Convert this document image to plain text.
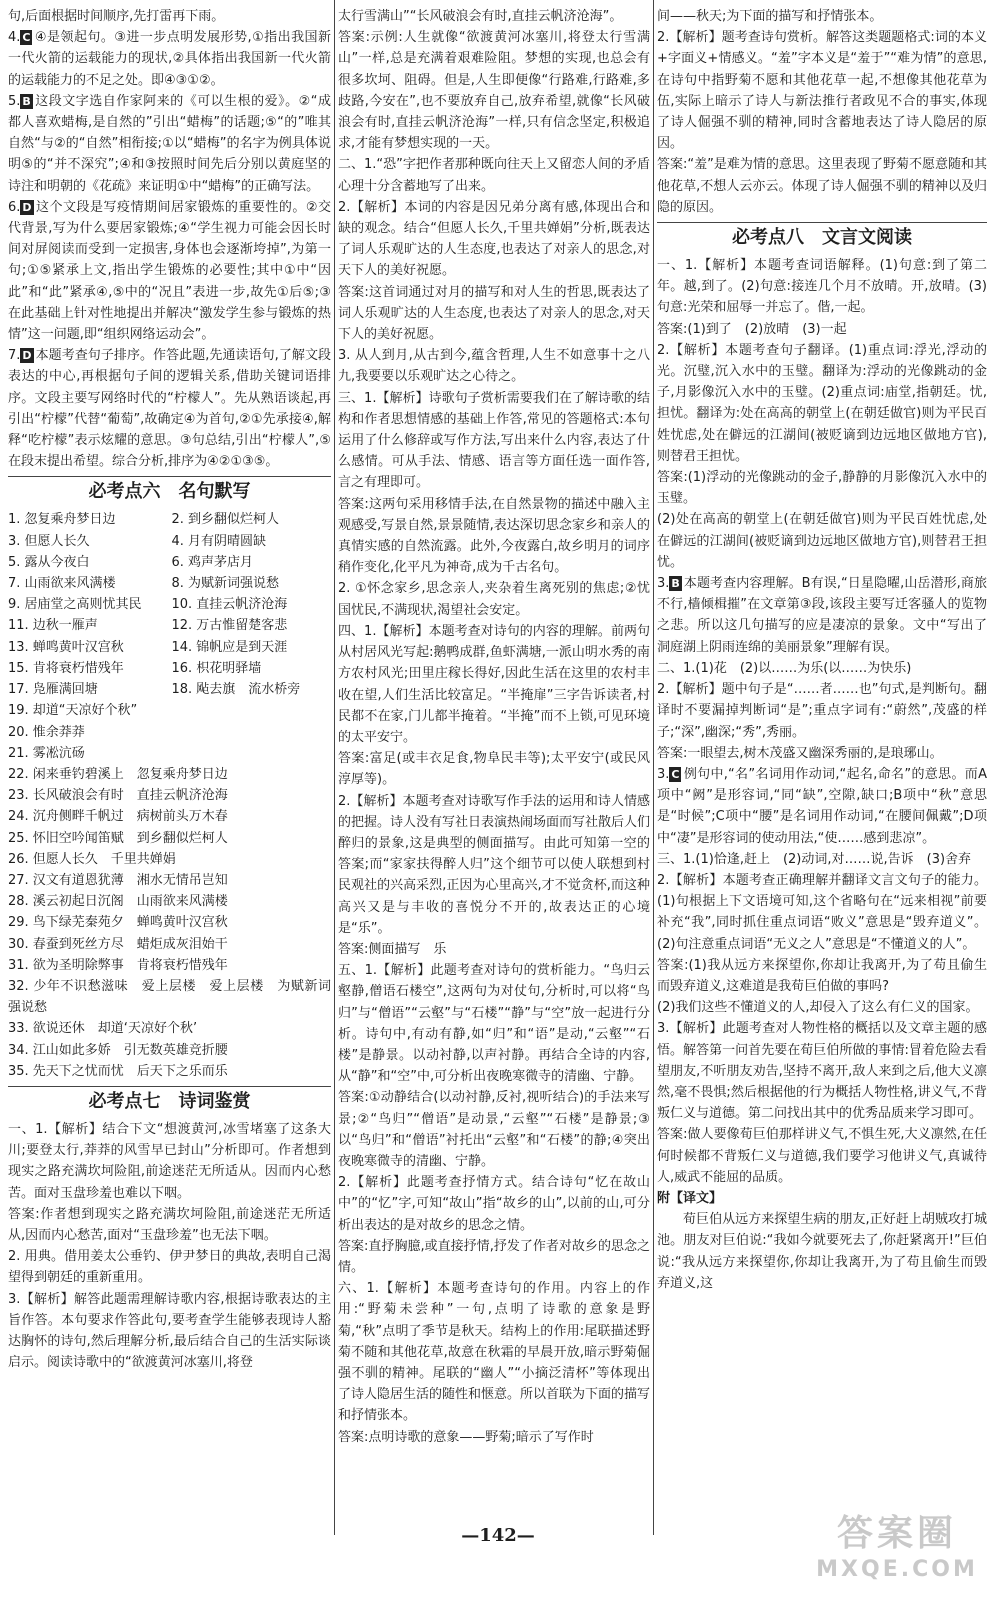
句,后面根据时间顺序,先打雷再下雨。

4. C ④是领起句。③进一步点明发展形势,①指出我国新一代火箭的运载能力的现状,②具体指出我国新一代火箭的运载能力的不足之处。即④③①②。

5. B 这段文字选自作家阿来的《可以生根的爱》。②“成都人喜欢蜡梅,是自然的”引出“蜡梅”的话题;⑤“的”唯其自然“与②的“自然”相衔接;①以“蜡梅”的名字为例具体说明⑤的“并不深究”;④和③按照时间先后分别以黄庭坚的诗注和明朝的《花疏》来证明①中“蜡梅”的正确写法。

6. D 这个文段是写疫情期间居家锻炼的重要性的。②交代背景,写为什么要居家锻炼;④“学生视力可能会因长时间对屏阅读而受到一定损害,身体也会逐渐垮掉”,为第一句;①⑤紧承上文,指出学生锻炼的必要性;其中①中“因此”和“此”紧承④,⑤中的“况且”表进一步,故先①后⑤;③在此基础上针对性地提出并解决“激发学生参与锻炼的热情”这一问题,即“组织网络运动会”。

7. D 本题考查句子排序。作答此题,先通读语句,了解文段表达的中心,再根据句子间的逻辑关系,借助关键词语排序。文段主要写网络时代的“柠檬人”。先从熟语谈起,再引出“柠檬”代替“葡萄”,故确定④为首句,②①先承接④,解释“吃柠檬”表示炫耀的意思。③句总结,引出“柠檬人”,⑤在段末提出希望。综合分析,排序为④②①③⑤。

必考点六　名句默写
1. 忽复乘舟梦日边	2. 到乡翻似烂柯人
3. 但愿人长久	4. 月有阴晴圆缺
5. 露从今夜白	6. 鸡声茅店月
7. 山雨欲来风满楼	8. 为赋新词强说愁
9. 居庙堂之高则忧其民	10. 直挂云帆济沧海
11. 边秋一雁声	12. 万古惟留楚客悲
13. 蝉鸣黄叶汉宫秋	14. 锦帆应是到天涯
15. 肯将衰朽惜残年	16. 枳花明驿墙
17. 凫雁满回塘	18. 飐去旗　流水桥旁
19. 却道“天凉好个秋”
20. 惟余莽莽
21. 雾凇沆砀
22. 闲来垂钓碧溪上　忽复乘舟梦日边
23. 长风破浪会有时　直挂云帆济沧海
24. 沉舟侧畔千帆过　病树前头万木春
25. 怀旧空吟闻笛赋　到乡翻似烂柯人
26. 但愿人长久　千里共婵娟
27. 汉文有道恩犹薄　湘水无情吊岂知
28. 溪云初起日沉阁　山雨欲来风满楼
29. 鸟下绿芜秦苑夕　蝉鸣黄叶汉宫秋
30. 春蚕到死丝方尽　蜡炬成灰泪始干
31. 欲为圣明除弊事　肯将衰朽惜残年
32. 少年不识愁滋味　爱上层楼　爱上层楼　为赋新词强说愁
33. 欲说还休　却道‘天凉好个秋’
34. 江山如此多娇　引无数英雄竞折腰
35. 先天下之忧而忧　后天下之乐而乐
必考点七　诗词鉴赏

一、1.【解析】结合下文“想渡黄河,冰雪堵塞了这条大川;要登太行,莽莽的风雪早已封山”分析即可。作者想到现实之路充满坎坷险阻,前途迷茫无所适从。因而内心愁苦。面对玉盘珍羞也难以下咽。

答案:作者想到现实之路充满坎坷险阻,前途迷茫无所适从,因而内心愁苦,面对“玉盘珍羞”也无法下咽。

2. 用典。借用姜太公垂钓、伊尹梦日的典故,表明自己渴望得到朝廷的重新重用。

3.【解析】解答此题需理解诗歌内容,根据诗歌表达的主旨作答。本句要求作答此句,要考查学生能够表现诗人豁达胸怀的诗句,然后理解分析,最后结合自己的生活实际谈启示。阅读诗歌中的“欲渡黄河冰塞川,将登

太行雪满山”“长风破浪会有时,直挂云帆济沧海”。

答案:示例:人生就像“欲渡黄河冰塞川,将登太行雪满山”一样,总是充满着艰难险阻。梦想的实现,也总会有很多坎坷、阻碍。但是,人生即便像“行路难,行路难,多歧路,今安在”,也不要放弃自己,放弃希望,就像“长风破浪会有时,直挂云帆济沧海”一样,只有信念坚定,积极追求,才能有梦想实现的一天。

二、1.“恐”字把作者那种既向往天上又留恋人间的矛盾心理十分含蓄地写了出来。

2.【解析】本词的内容是因兄弟分离有感,体现出合和缺的观念。结合“但愿人长久,千里共婵娟”分析,既表达了词人乐观旷达的人生态度,也表达了对亲人的思念,对天下人的美好祝愿。

答案:这首词通过对月的描写和对人生的哲思,既表达了词人乐观旷达的人生态度,也表达了对亲人的思念,对天下人的美好祝愿。

3. 从人到月,从古到今,蕴含哲理,人生不如意事十之八九,我要要以乐观旷达之心待之。

三、1.【解析】诗歌句子赏析需要我们在了解诗歌的结构和作者思想情感的基础上作答,常见的答题格式:本句运用了什么修辞或写作方法,写出来什么内容,表达了什么感情。可从手法、情感、语言等方面任选一面作答,言之有理即可。

答案:这两句采用移情手法,在自然景物的描述中融入主观感受,写景自然,景景随情,表达深切思念家乡和亲人的真情实感的自然流露。此外,今夜露白,故乡明月的词序稍作变化,化平凡为神奇,成为千古名句。

2. ①怀念家乡,思念亲人,夹杂着生离死别的焦虑;②忧国忧民,不满现状,渴望社会安定。

四、1.【解析】本题考查对诗句的内容的理解。前两句从村居风光写起:鹅鸭成群,鱼虾满塘,一派山明水秀的南方农村风光;田里庄稼长得好,因此生活在这里的农村丰收在望,人们生活比较富足。“半掩扉”三字告诉读者,村民都不在家,门儿都半掩着。“半掩”而不上锁,可见环境的太平安宁。

答案:富足(或丰衣足食,物阜民丰等);太平安宁(或民风淳厚等)。

2.【解析】本题考查对诗歌写作手法的运用和诗人情感的把握。诗人没有写社日表演热闹场面而写社散后人们醉归的景象,这是典型的侧面描写。由此可知第一空的答案;而“家家扶得醉人归”这个细节可以使人联想到村民观社的兴高采烈,正因为心里高兴,才不觉贪杯,而这种高兴又是与丰收的喜悦分不开的,故表达正的心境是“乐”。

答案:侧面描写　乐

五、1.【解析】此题考查对诗句的赏析能力。“鸟归云壑静,僧语石楼空”,这两句为对仗句,分析时,可以将“鸟归”与“僧语”“云壑”与“石楼”“静”与“空”放一起进行分析。诗句中,有动有静,如“归”和“语”是动,“云壑”“石楼”是静景。以动衬静,以声衬静。再结合全诗的内容,从“静”和“空”中,可分析出夜晚寒微寺的清幽、宁静。

答案:①动静结合(以动衬静,反衬,视听结合)的手法来写景;②“鸟归”“僧语”是动景,“云壑”“石楼”是静景;③以“鸟归”和“僧语”衬托出“云壑”和“石楼”的静;④突出夜晚寒微寺的清幽、宁静。

2.【解析】此题考查抒情方式。结合诗句“忆在故山中”的“忆”字,可知“故山”指“故乡的山”,以前的山,可分析出表达的是对故乡的思念之情。

答案:直抒胸臆,或直接抒情,抒发了作者对故乡的思念之情。

六、1.【解析】本题考查诗句的作用。内容上的作用:“野菊未尝种”一句,点明了诗歌的意象是野菊,“秋”点明了季节是秋天。结构上的作用:尾联描述野菊不随和其他花草,故意在秋霜的早晨开放,暗示野菊倔强不驯的精神。尾联的“幽人”“小摘泛清杯”等体现出了诗人隐居生活的随性和惬意。所以首联为下面的描写和抒情张本。

答案:点明诗歌的意象——野菊;暗示了写作时

间——秋天;为下面的描写和抒情张本。

2.【解析】题考查诗句赏析。解答这类题题格式:词的本义+字面义+情感义。“羞”字本义是“羞于”“难为情”的意思,在诗句中指野菊不愿和其他花草一起,不想像其他花草为伍,实际上暗示了诗人与新法推行者政见不合的事实,体现了诗人倔强不驯的精神,同时含蓄地表达了诗人隐居的原因。

答案:“羞”是难为情的意思。这里表现了野菊不愿意随和其他花草,不想人云亦云。体现了诗人倔强不驯的精神以及归隐的原因。

必考点八　文言文阅读

一、1.【解析】本题考查词语解释。(1)句意:到了第二年。越,到了。(2)句意:接连几个月不放晴。开,放晴。(3)句意:光荣和屈辱一并忘了。偕,一起。

答案:(1)到了　(2)放晴　(3)一起

2.【解析】本题考查句子翻译。(1)重点词:浮光,浮动的光。沉璧,沉入水中的玉璧。翻译为:浮动的光像跳动的金子,月影像沉入水中的玉璧。(2)重点词:庙堂,指朝廷。忧,担忧。翻译为:处在高高的朝堂上(在朝廷做官)则为平民百姓忧虑,处在僻远的江湖间(被贬谪到边远地区做地方官),则替君王担忧。

答案:(1)浮动的光像跳动的金子,静静的月影像沉入水中的玉璧。

(2)处在高高的朝堂上(在朝廷做官)则为平民百姓忧虑,处在僻远的江湖间(被贬谪到边远地区做地方官),则替君王担忧。

3. B 本题考查内容理解。B有误,“日星隐曜,山岳潜形,商旅不行,樯倾楫摧”在文章第③段,该段主要写迁客骚人的览物之悲。所以这几句描写的应是凄凉的景象。文中“写出了洞庭湖上阴雨连绵的美丽景象”理解有误。

二、1.(1)花　(2)以……为乐(以……为快乐)

2.【解析】题中句子是“……者……也”句式,是判断句。翻译时不要漏掉判断词“是”;重点字词有:“蔚然”,茂盛的样子;“深”,幽深;“秀”,秀丽。

答案:一眼望去,树木茂盛又幽深秀丽的,是琅琊山。

3. C 例句中,“名”名词用作动词,“起名,命名”的意思。而A项中“阙”是形容词,“同“缺”,空隙,缺口;B项中“秋”意思是“时候”;C项中“腰”是名词用作动词,“在腰间佩戴”;D项中“凄”是形容词的使动用法,“使……感到悲凉”。

三、1.(1)恰逢,赶上　(2)动词,对……说,告诉　(3)舍弃

2.【解析】本题考查正确理解并翻译文言文句子的能力。(1)句根据上下文语境可知,这个省略句在“远来相视”前要补充“我”,同时抓住重点词语“败义”意思是“毁弃道义”。(2)句注意重点词语“无义之人”意思是“不懂道义的人”。

答案:(1)我从远方来探望你,你却让我离开,为了苟且偷生而毁弃道义,这难道是我荀巨伯做的事吗?

(2)我们这些不懂道义的人,却侵入了这么有仁义的国家。

3.【解析】此题考查对人物性格的概括以及文章主题的感悟。解答第一问首先要在荀巨伯所做的事情:冒着危险去看望朋友,不听朋友劝告,坚持不离开,敌人来到之后,他大义凛然,毫不畏惧;然后根据他的行为概括人物性格,讲义气,不背叛仁义与道德。第二问找出其中的优秀品质来学习即可。

答案:做人要像荀巨伯那样讲义气,不惧生死,大义凛然,在任何时候都不背叛仁义与道德,我们要学习他讲义气,真诚待人,威武不能屈的品质。

附【译文】

荀巨伯从远方来探望生病的朋友,正好赶上胡贼攻打城池。朋友对巨伯说:“我如今就要死去了,你赶紧离开!”巨伯说:“我从远方来探望你,你却让我离开,为了苟且偷生而毁弃道义,这

—142—	答案圈
MXQE.COM
